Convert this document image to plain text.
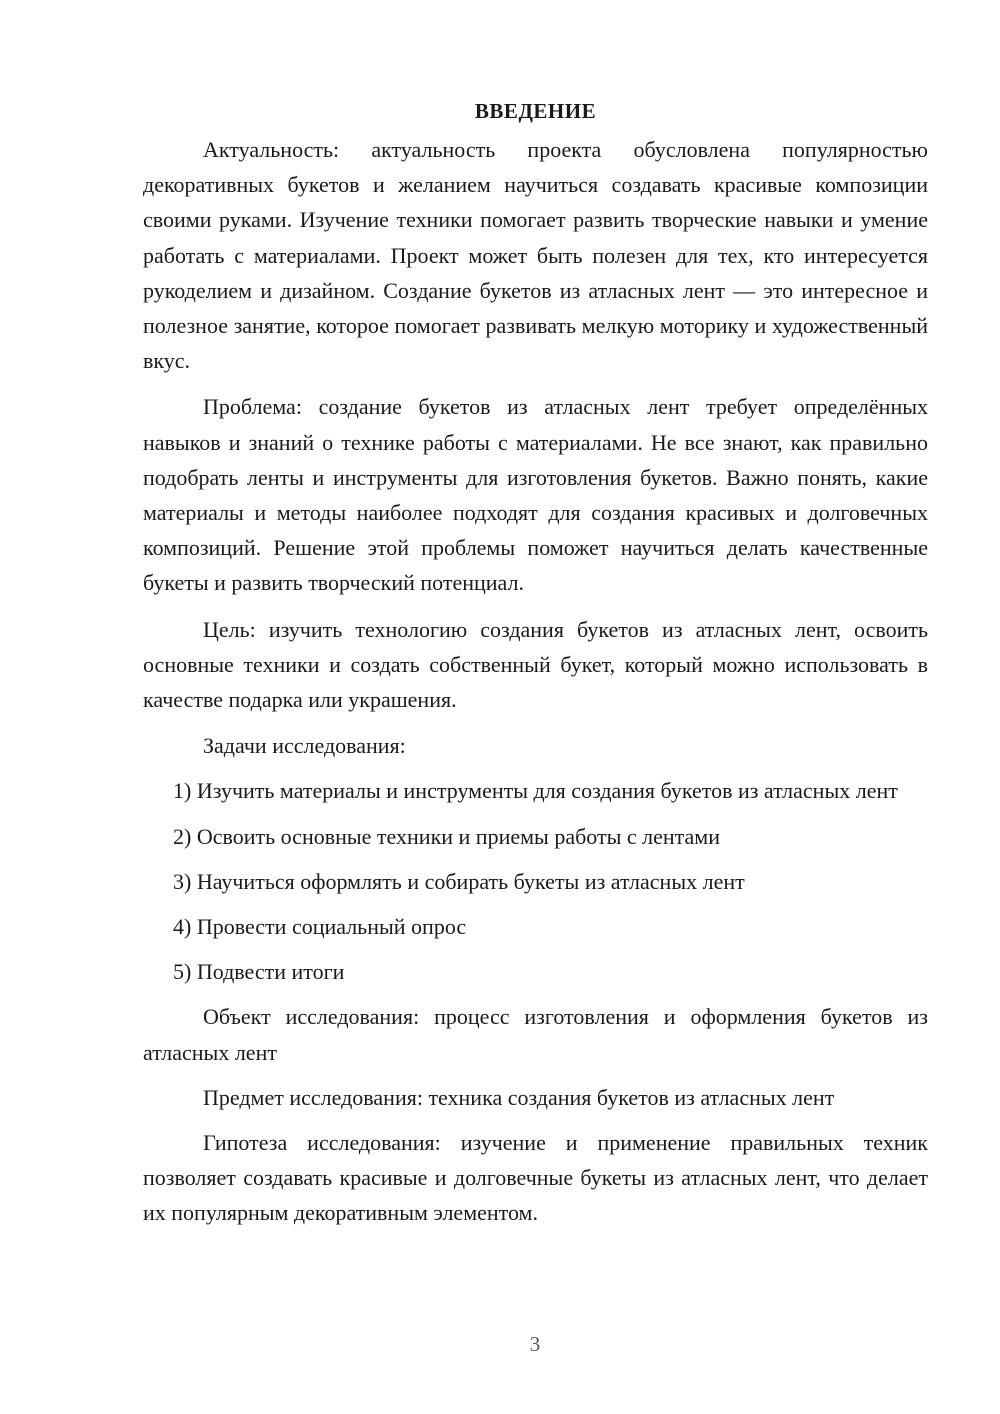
ВВЕДЕНИЕ

Актуальность: актуальность проекта обусловлена популярностью декоративных букетов и желанием научиться создавать красивые композиции своими руками. Изучение техники помогает развить творческие навыки и умение работать с материалами. Проект может быть полезен для тех, кто интересуется рукоделием и дизайном. Создание букетов из атласных лент — это интересное и полезное занятие, которое помогает развивать мелкую моторику и художественный вкус.

Проблема: создание букетов из атласных лент требует определённых навыков и знаний о технике работы с материалами. Не все знают, как правильно подобрать ленты и инструменты для изготовления букетов. Важно понять, какие материалы и методы наиболее подходят для создания красивых и долговечных композиций. Решение этой проблемы поможет научиться делать качественные букеты и развить творческий потенциал.

Цель: изучить технологию создания букетов из атласных лент, освоить основные техники и создать собственный букет, который можно использовать в качестве подарка или украшения.

Задачи исследования:

1) Изучить материалы и инструменты для создания букетов из атласных лент

2) Освоить основные техники и приемы работы с лентами

3) Научиться оформлять и собирать букеты из атласных лент

4) Провести социальный опрос

5) Подвести итоги

Объект исследования: процесс изготовления и оформления букетов из атласных лент

Предмет исследования: техника создания букетов из атласных лент

Гипотеза исследования: изучение и применение правильных техник позволяет создавать красивые и долговечные букеты из атласных лент, что делает их популярным декоративным элементом.

3
